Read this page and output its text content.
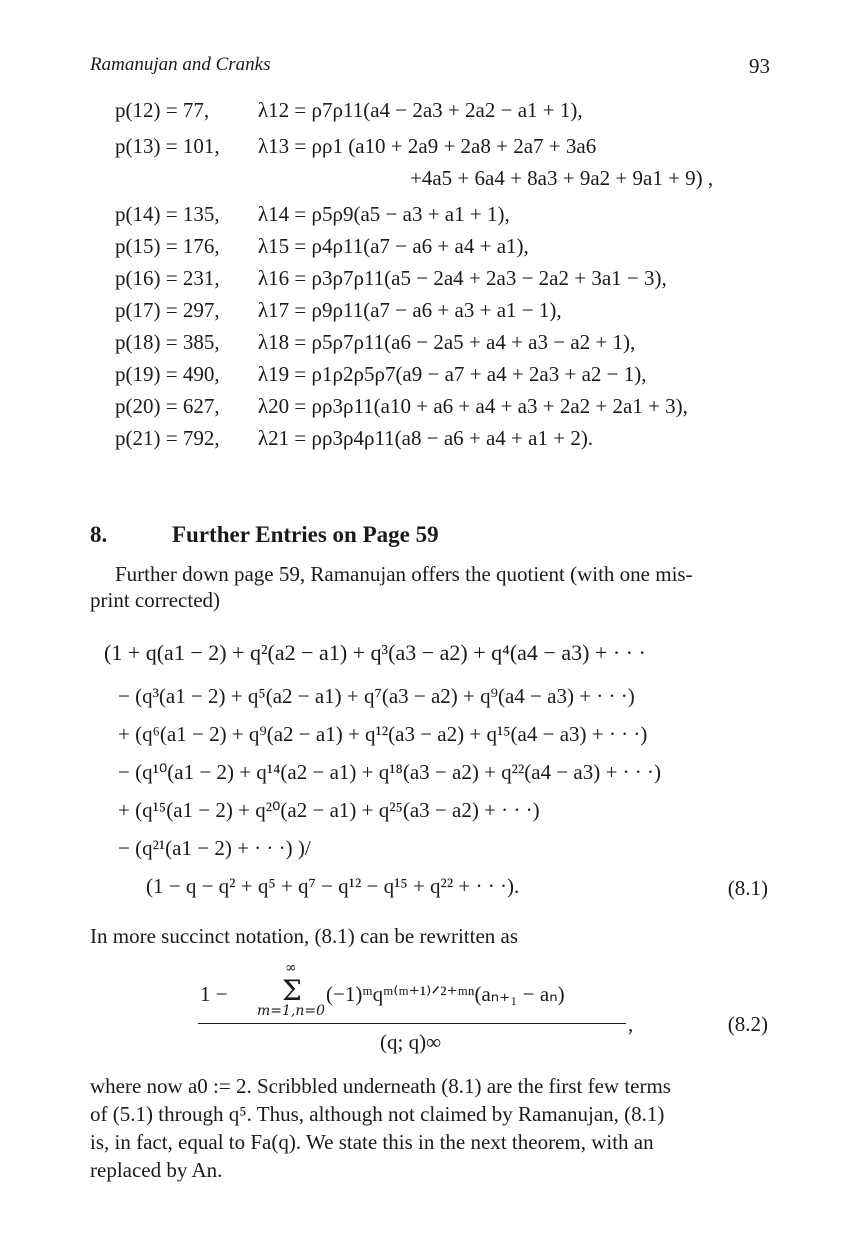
Ramanujan and Cranks	93
p(12) = 77, λ12 = ρ7ρ11(a4 − 2a3 + 2a2 − a1 + 1),
p(13) = 101, λ13 = ρρ1 (a10 + 2a9 + 2a8 + 2a7 + 3a6
+4a5 + 6a4 + 8a3 + 9a2 + 9a1 + 9) ,
p(14) = 135, λ14 = ρ5ρ9(a5 − a3 + a1 + 1),
p(15) = 176, λ15 = ρ4ρ11(a7 − a6 + a4 + a1),
p(16) = 231, λ16 = ρ3ρ7ρ11(a5 − 2a4 + 2a3 − 2a2 + 3a1 − 3),
p(17) = 297, λ17 = ρ9ρ11(a7 − a6 + a3 + a1 − 1),
p(18) = 385, λ18 = ρ5ρ7ρ11(a6 − 2a5 + a4 + a3 − a2 + 1),
p(19) = 490, λ19 = ρ1ρ2ρ5ρ7(a9 − a7 + a4 + 2a3 + a2 − 1),
p(20) = 627, λ20 = ρρ3ρ11(a10 + a6 + a4 + a3 + 2a2 + 2a1 + 3),
p(21) = 792, λ21 = ρρ3ρ4ρ11(a8 − a6 + a4 + a1 + 2).
8.	Further Entries on Page 59
Further down page 59, Ramanujan offers the quotient (with one mis-
print corrected)
(1 + q(a1 − 2) + q²(a2 − a1) + q³(a3 − a2) + q⁴(a4 − a3) + · · ·
− (q³(a1 − 2) + q⁵(a2 − a1) + q⁷(a3 − a2) + q⁹(a4 − a3) + · · ·)
+ (q⁶(a1 − 2) + q⁹(a2 − a1) + q¹²(a3 − a2) + q¹⁵(a4 − a3) + · · ·)
− (q¹⁰(a1 − 2) + q¹⁴(a2 − a1) + q¹⁸(a3 − a2) + q²²(a4 − a3) + · · ·)
+ (q¹⁵(a1 − 2) + q²⁰(a2 − a1) + q²⁵(a3 − a2) + · · ·)
− (q²¹(a1 − 2) + · · ·) )/
(1 − q − q² + q⁵ + q⁷ − q¹² − q¹⁵ + q²² + · · ·).	(8.1)
In more succinct notation, (8.1) can be rewritten as
1 −
∞
Σ
m=1,n=0
(−1)ᵐqᵐ⁽ᵐ⁺¹⁾ᐟ²⁺ᵐⁿ(aₙ₊₁ − aₙ)
,
(q; q)∞
(8.2)
where now a0 := 2. Scribbled underneath (8.1) are the first few terms
of (5.1) through q⁵. Thus, although not claimed by Ramanujan, (8.1)
is, in fact, equal to Fa(q). We state this in the next theorem, with an
replaced by An.
